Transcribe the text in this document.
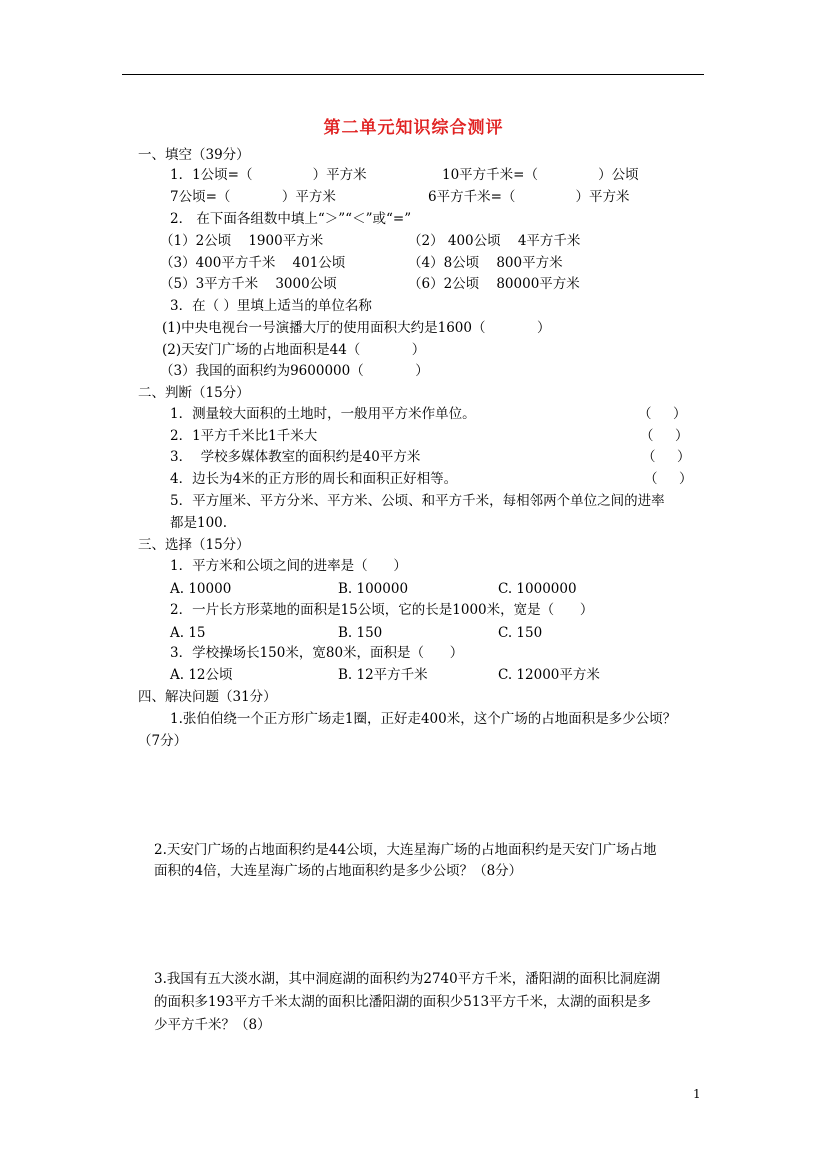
第二单元知识综合测评
一、填空（39分）
1．1公顷=（              ）平方米	10平方千米=（              ）公顷
7公顷=（            ）平方米	6平方千米=（              ）平方米
2． 在下面各组数中填上“＞”“＜”或“=”
（1）2公顷    1900平方米	（2） 400公顷    4平方千米
（3）400平方千米    401公顷	（4）8公顷    800平方米
（5）3平方千米    3000公顷	（6）2公顷    80000平方米
3．在（ ）里填上适当的单位名称
(1)中央电视台一号演播大厅的使用面积大约是1600（            ）
(2)天安门广场的占地面积是44（            ）
（3）我国的面积约为9600000（            ）
二、判断（15分）
1．测量较大面积的土地时，一般用平方米作单位。	（     ）
2．1平方千米比1千米大	（     ）
3．  学校多媒体教室的面积约是40平方米	（     ）
4．边长为4米的正方形的周长和面积正好相等。	（     ）
5．平方厘米、平方分米、平方米、公顷、和平方千米，每相邻两个单位之间的进率
都是100.
三、选择（15分）
1．平方米和公顷之间的进率是（      ）
A. 10000	B. 100000	C. 1000000
2．一片长方形菜地的面积是15公顷，它的长是1000米，宽是（      ）
A. 15	B. 150	C. 150
3．学校操场长150米，宽80米，面积是（      ）
A. 12公顷	B. 12平方千米	C. 12000平方米
四、解决问题（31分）
1.张伯伯绕一个正方形广场走1圈，正好走400米，这个广场的占地面积是多少公顷？
（7分）
2.天安门广场的占地面积约是44公顷，大连星海广场的占地面积约是天安门广场占地
面积的4倍，大连星海广场的占地面积约是多少公顷？（8分）
3.我国有五大淡水湖，其中洞庭湖的面积约为2740平方千米，潘阳湖的面积比洞庭湖
的面积多193平方千米太湖的面积比潘阳湖的面积少513平方千米，太湖的面积是多
少平方千米？（8）
1
